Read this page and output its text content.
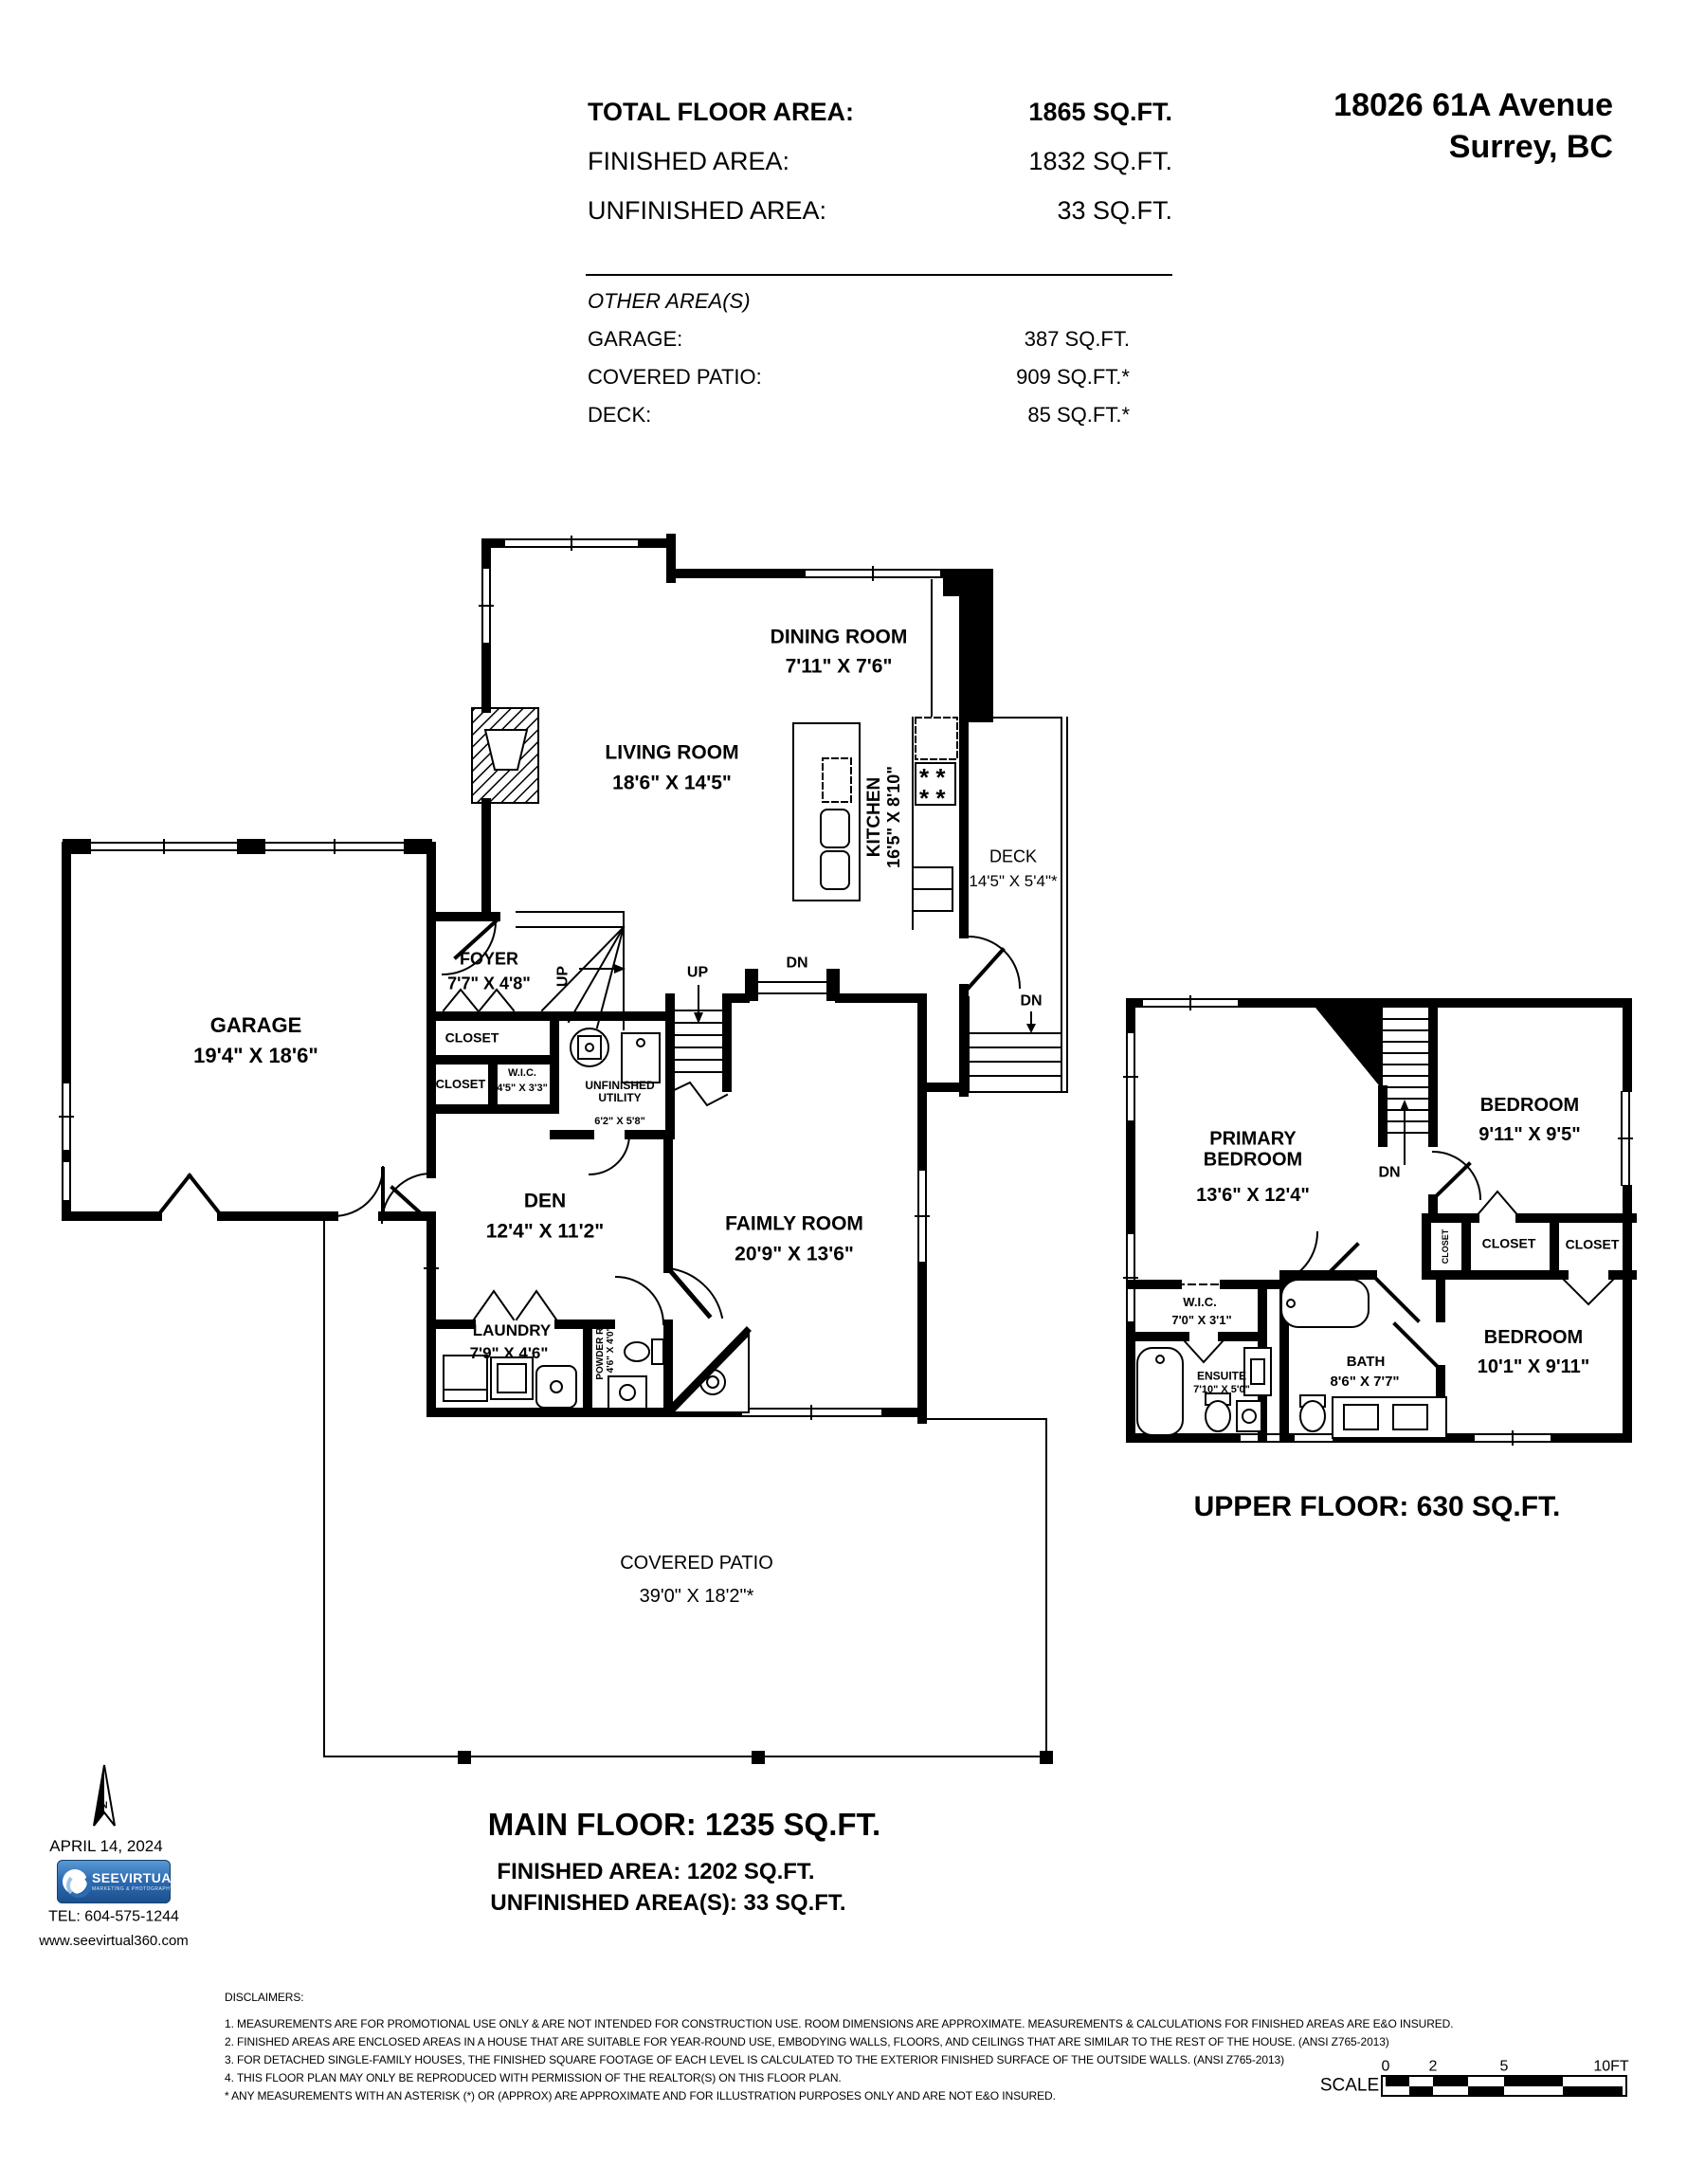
* *
* *
TOTAL FLOOR AREA:	1865 SQ.FT.
FINISHED AREA:	1832 SQ.FT.
UNFINISHED AREA:	33 SQ.FT.
OTHER AREA(S)
GARAGE:	387 SQ.FT.
COVERED PATIO:	909 SQ.FT.*
DECK:	85 SQ.FT.*
18026 61A Avenue
Surrey, BC
DINING ROOM
7'11" X 7'6"
LIVING ROOM
18'6" X 14'5"	KITCHEN 16'5" X 8'10"	DECK
14'5" X 5'4"*
GARAGE
19'4" X 18'6"
FOYER
7'7" X 4'8"
CLOSET
CLOSET
W.I.C.
4'5" X 3'3"	UNFINISHED UTILITY
6'2" X 5'8"
DEN
12'4" X 11'2"	FAIMLY ROOM
20'9" X 13'6"
LAUNDRY
7'9" X 4'6"	POWDER RM 4'6" X 4'0"
COVERED PATIO
39'0" X 18'2"*
UP	UP
DN
DN
MAIN FLOOR: 1235 SQ.FT.
FINISHED AREA: 1202 SQ.FT.
UNFINISHED AREA(S): 33 SQ.FT.
PRIMARY BEDROOM
13'6" X 12'4"
BEDROOM
9'11" X 9'5"
CLOSET CLOSET CLOSET
W.I.C.
7'0" X 3'1"
ENSUITE
7'10" X 5'0"
BATH
8'6" X 7'7"
BEDROOM
10'1" X 9'11"
DN
UPPER FLOOR: 630 SQ.FT.
N
APRIL 14, 2024
SEEVIRTUAL
MARKETING & PHOTOGRAPHY
TEL: 604-575-1244
www.seevirtual360.com
DISCLAIMERS:
1. MEASUREMENTS ARE FOR PROMOTIONAL USE ONLY & ARE NOT INTENDED FOR CONSTRUCTION USE. ROOM DIMENSIONS ARE APPROXIMATE. MEASUREMENTS & CALCULATIONS FOR FINISHED AREAS ARE E&O INSURED.
2. FINISHED AREAS ARE ENCLOSED AREAS IN A HOUSE THAT ARE SUITABLE FOR YEAR-ROUND USE, EMBODYING WALLS, FLOORS, AND CEILINGS THAT ARE SIMILAR TO THE REST OF THE HOUSE. (ANSI Z765-2013)
3. FOR DETACHED SINGLE-FAMILY HOUSES, THE FINISHED SQUARE FOOTAGE OF EACH LEVEL IS CALCULATED TO THE EXTERIOR FINISHED SURFACE OF THE OUTSIDE WALLS. (ANSI Z765-2013)
4. THIS FLOOR PLAN MAY ONLY BE REPRODUCED WITH PERMISSION OF THE REALTOR(S) ON THIS FLOOR PLAN.
* ANY MEASUREMENTS WITH AN ASTERISK (*) OR (APPROX) ARE APPROXIMATE AND FOR ILLUSTRATION PURPOSES ONLY AND ARE NOT E&O INSURED.
SCALE
0	2	5	10FT
